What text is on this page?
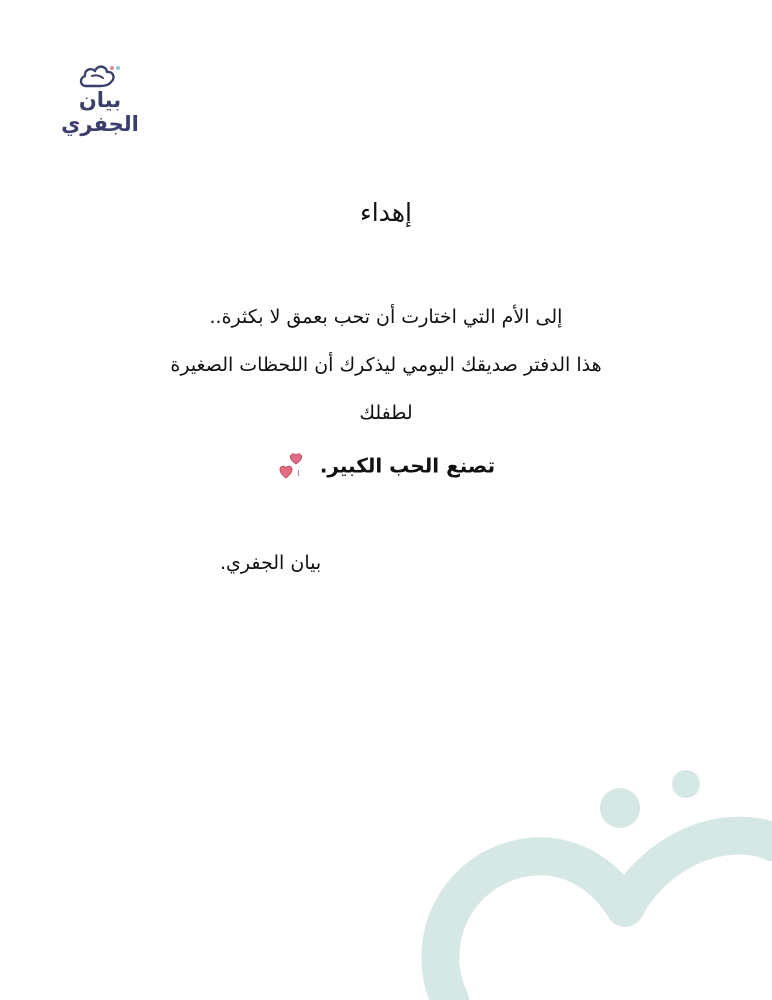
بيان الجفري
إهداء
إلى الأم التي اختارت أن تحب بعمق لا بكثرة..
هذا الدفتر صديقك اليومي ليذكرك أن اللحظات الصغيرة
لطفلك
تصنع الحب الكبير.
بيان الجفري.
